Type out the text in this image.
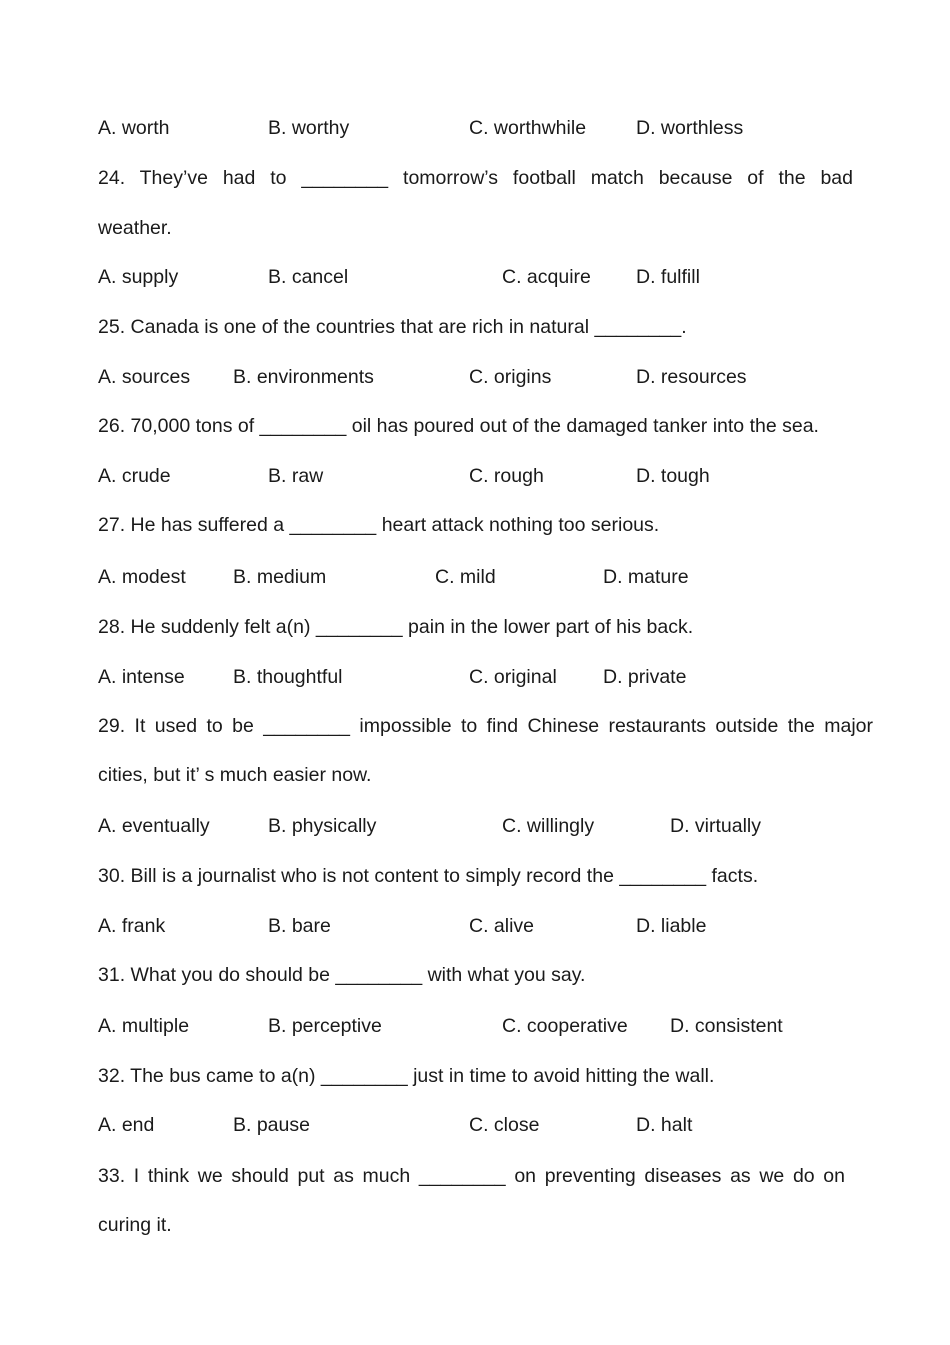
A. worth	B. worthy	C. worthwhile	D. worthless
24. They’ve had to ________ tomorrow’s football match because of the bad
weather.
A. supply	B. cancel	C. acquire D. fulfill
25. Canada is one of the countries that are rich in natural ________.
A. sources B. environments	C. origins	D. resources
26. 70,000 tons of ________ oil has poured out of the damaged tanker into the sea.
A. crude	B. raw	C. rough	D. tough
27. He has suffered a ________ heart attack nothing too serious.
A. modest B. medium	C. mild	D. mature
28. He suddenly felt a(n) ________ pain in the lower part of his back.
A. intense B. thoughtful	C. original D. private
29. It used to be ________ impossible to find Chinese restaurants outside the major
cities, but it’ s much easier now.
A. eventually	B. physically	C. willingly	D. virtually
30. Bill is a journalist who is not content to simply record the ________ facts.
A. frank	B. bare	C. alive	D. liable
31. What you do should be ________ with what you say.
A. multiple	B. perceptive	C. cooperative D. consistent
32. The bus came to a(n) ________ just in time to avoid hitting the wall.
A. end	B. pause	C. close	D. halt
33. I think we should put as much ________ on preventing diseases as we do on
curing it.
